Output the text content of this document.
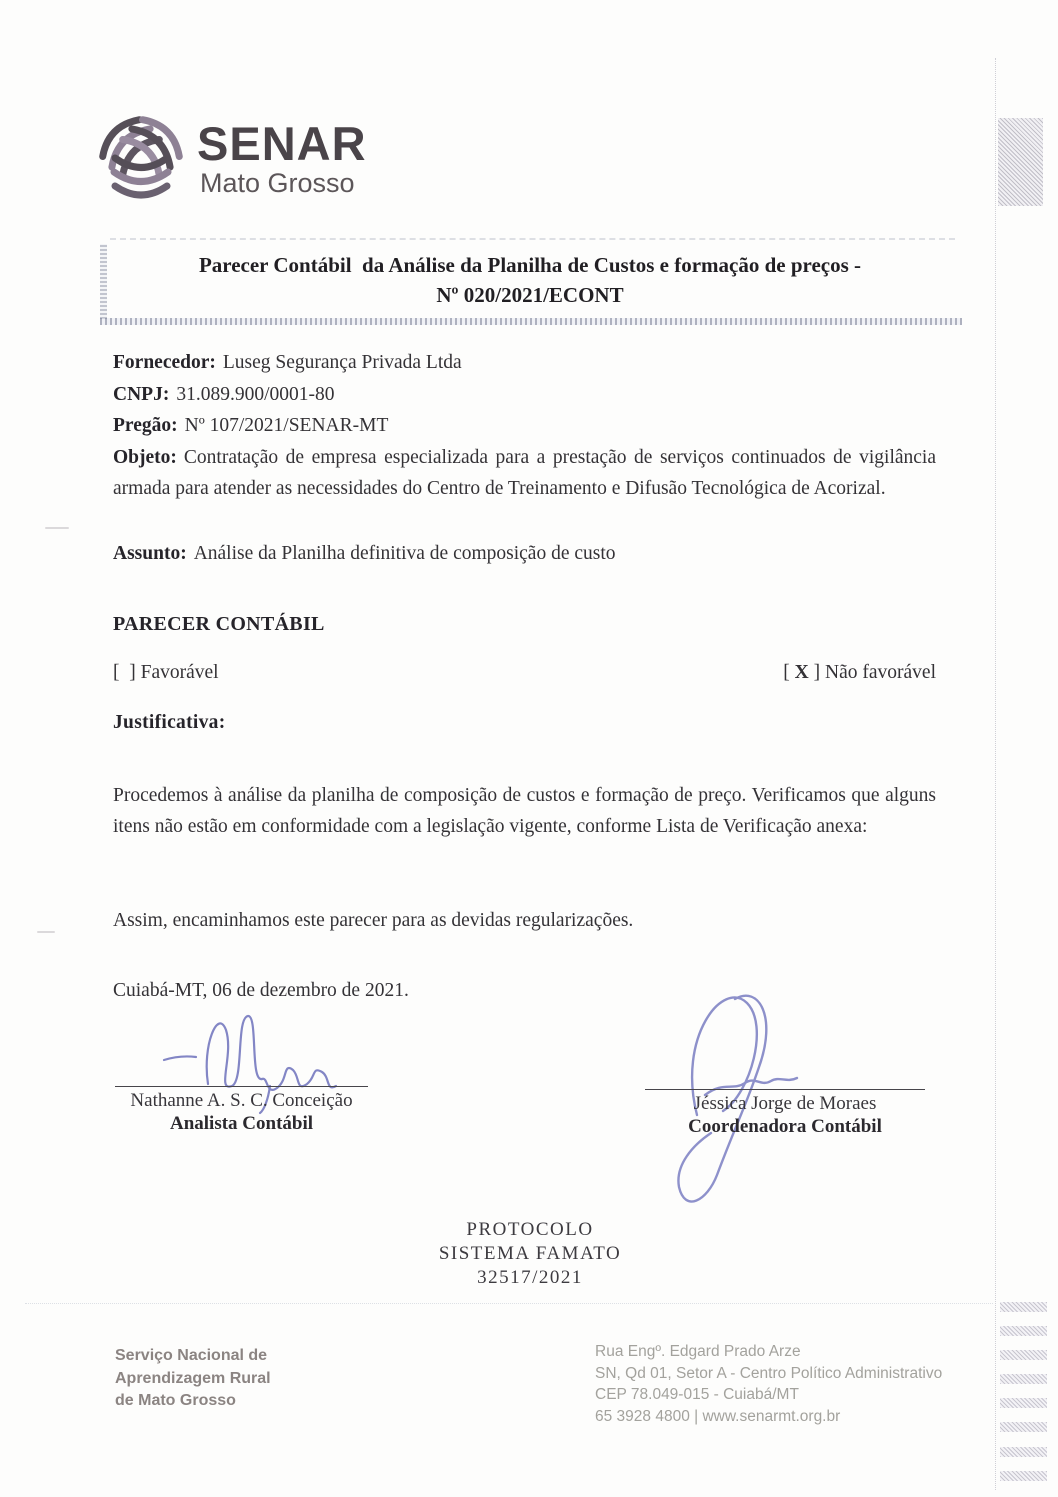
SENAR
Mato Grosso
Parecer Contábil  da Análise da Planilha de Custos e formação de preços -
Nº 020/2021/ECONT

Fornecedor: Luseg Segurança Privada Ltda

CNPJ: 31.089.900/0001-80

Pregão: Nº 107/2021/SENAR-MT

Objeto: Contratação de empresa especializada para a prestação de serviços continuados de vigilância armada para atender as necessidades do Centro de Treinamento e Difusão Tecnológica de Acorizal.

Assunto: Análise da Planilha definitiva de composição de custo

PARECER CONTÁBIL

[  ] Favorável	[ X ] Não favorável

Justificativa:

Procedemos à análise da planilha de composição de custos e formação de preço. Verificamos que alguns itens não estão em conformidade com a legislação vigente, conforme Lista de Verificação anexa:

Assim, encaminhamos este parecer para as devidas regularizações.

Cuiabá-MT, 06 de dezembro de 2021.

Nathanne A. S. C. Conceição
Analista Contábil
Jéssica Jorge de Moraes
Coordenadora Contábil
PROTOCOLO
SISTEMA FAMATO
32517/2021
Serviço Nacional de
Aprendizagem Rural
de Mato Grosso
Rua Engº. Edgard Prado Arze
SN, Qd 01, Setor A - Centro Político Administrativo
CEP 78.049-015 - Cuiabá/MT
65 3928 4800 | www.senarmt.org.br
